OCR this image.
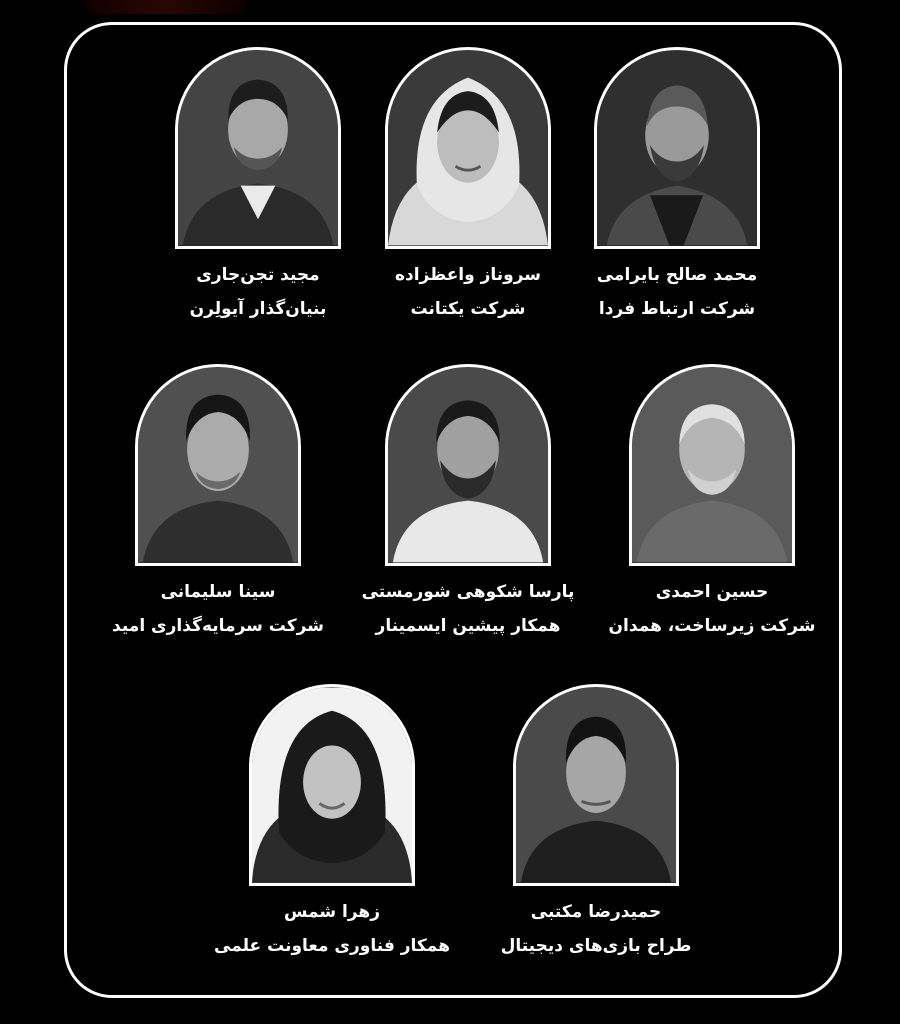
محمد صالح بایرامی
شرکت ارتباط فردا
سروناز واعظزاده
شرکت یکتانت
مجید تجن‌جاری
بنیان‌گذار آیولِرن
حسین احمدی
شرکت زیرساخت، همدان
پارسا شکوهی شورمستی
همکار پیشین ایسمینار
سینا سلیمانی
شرکت سرمایه‌گذاری امید
حمیدرضا مکتبی
طراح بازی‌های دیجیتال
زهرا شمس
همکار فناوری معاونت علمی
